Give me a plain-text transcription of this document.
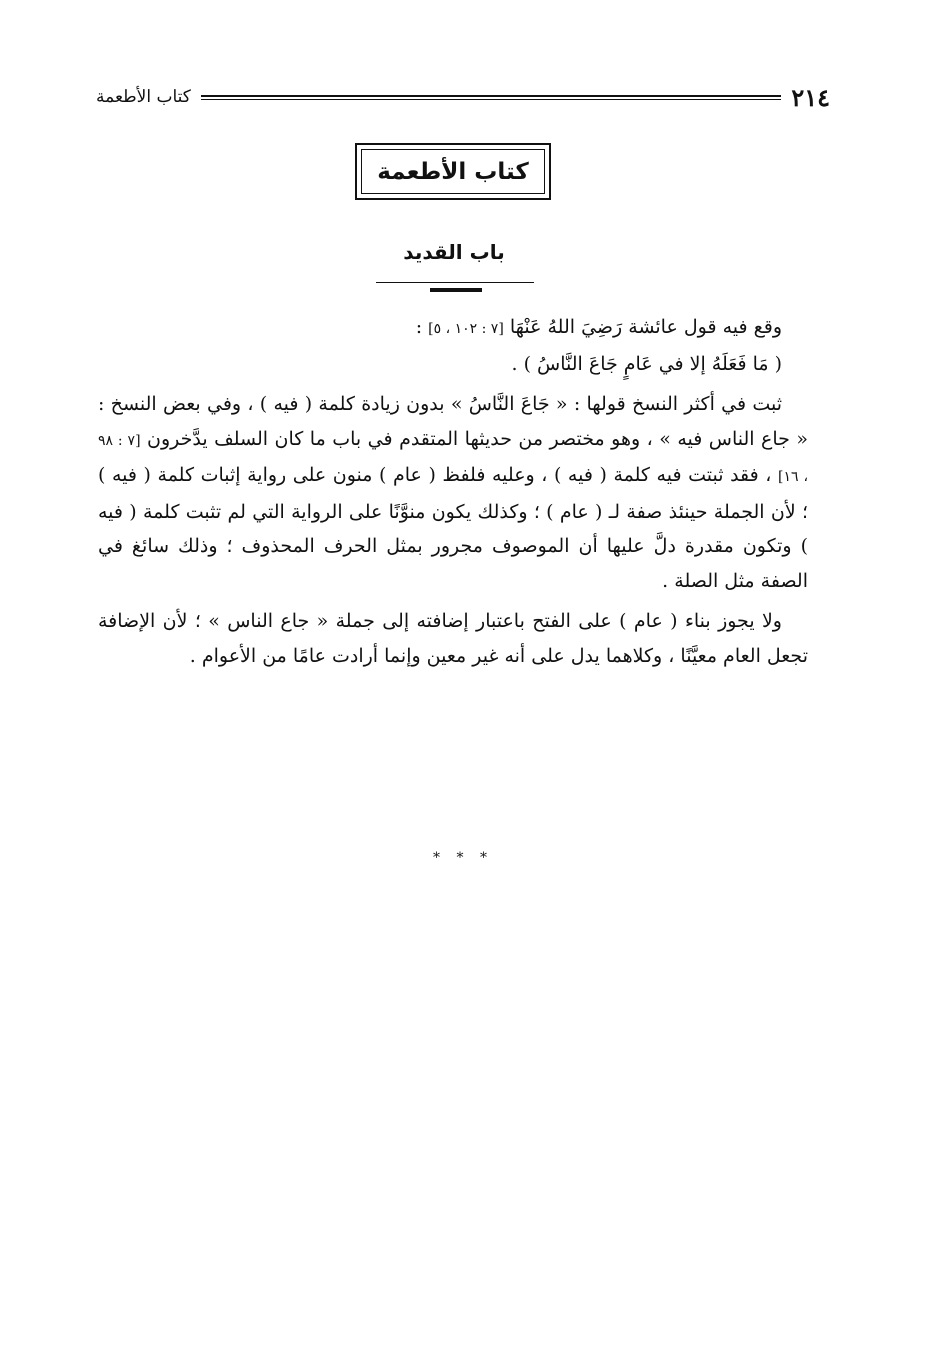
٢١٤
كتاب الأطعمة
كتاب الأطعمة
باب القديد

وقع فيه قول عائشة رَضِيَ اللهُ عَنْهَا [٧ : ١٠٢ ، ٥] :

( مَا فَعَلَهُ إلا في عَامٍ جَاعَ النَّاسُ ) .

ثبت في أكثر النسخ قولها : « جَاعَ النَّاسُ » بدون زيادة كلمة ( فيه ) ، وفي بعض النسخ : « جاع الناس فيه » ، وهو مختصر من حديثها المتقدم في باب ما كان السلف يدَّخرون [٧ : ٩٨ ، ١٦] ، فقد ثبتت فيه كلمة ( فيه ) ، وعليه فلفظ ( عام ) منون على رواية إثبات كلمة ( فيه ) ؛ لأن الجملة حينئذ صفة لـ ( عام ) ؛ وكذلك يكون منوَّنًا على الرواية التي لم تثبت كلمة ( فيه ) وتكون مقدرة دلَّ عليها أن الموصوف مجرور بمثل الحرف المحذوف ؛ وذلك سائغ في الصفة مثل الصلة .

ولا يجوز بناء ( عام ) على الفتح باعتبار إضافته إلى جملة « جاع الناس » ؛ لأن الإضافة تجعل العام معيَّنًا ، وكلاهما يدل على أنه غير معين وإنما أرادت عامًا من الأعوام .

* * *
